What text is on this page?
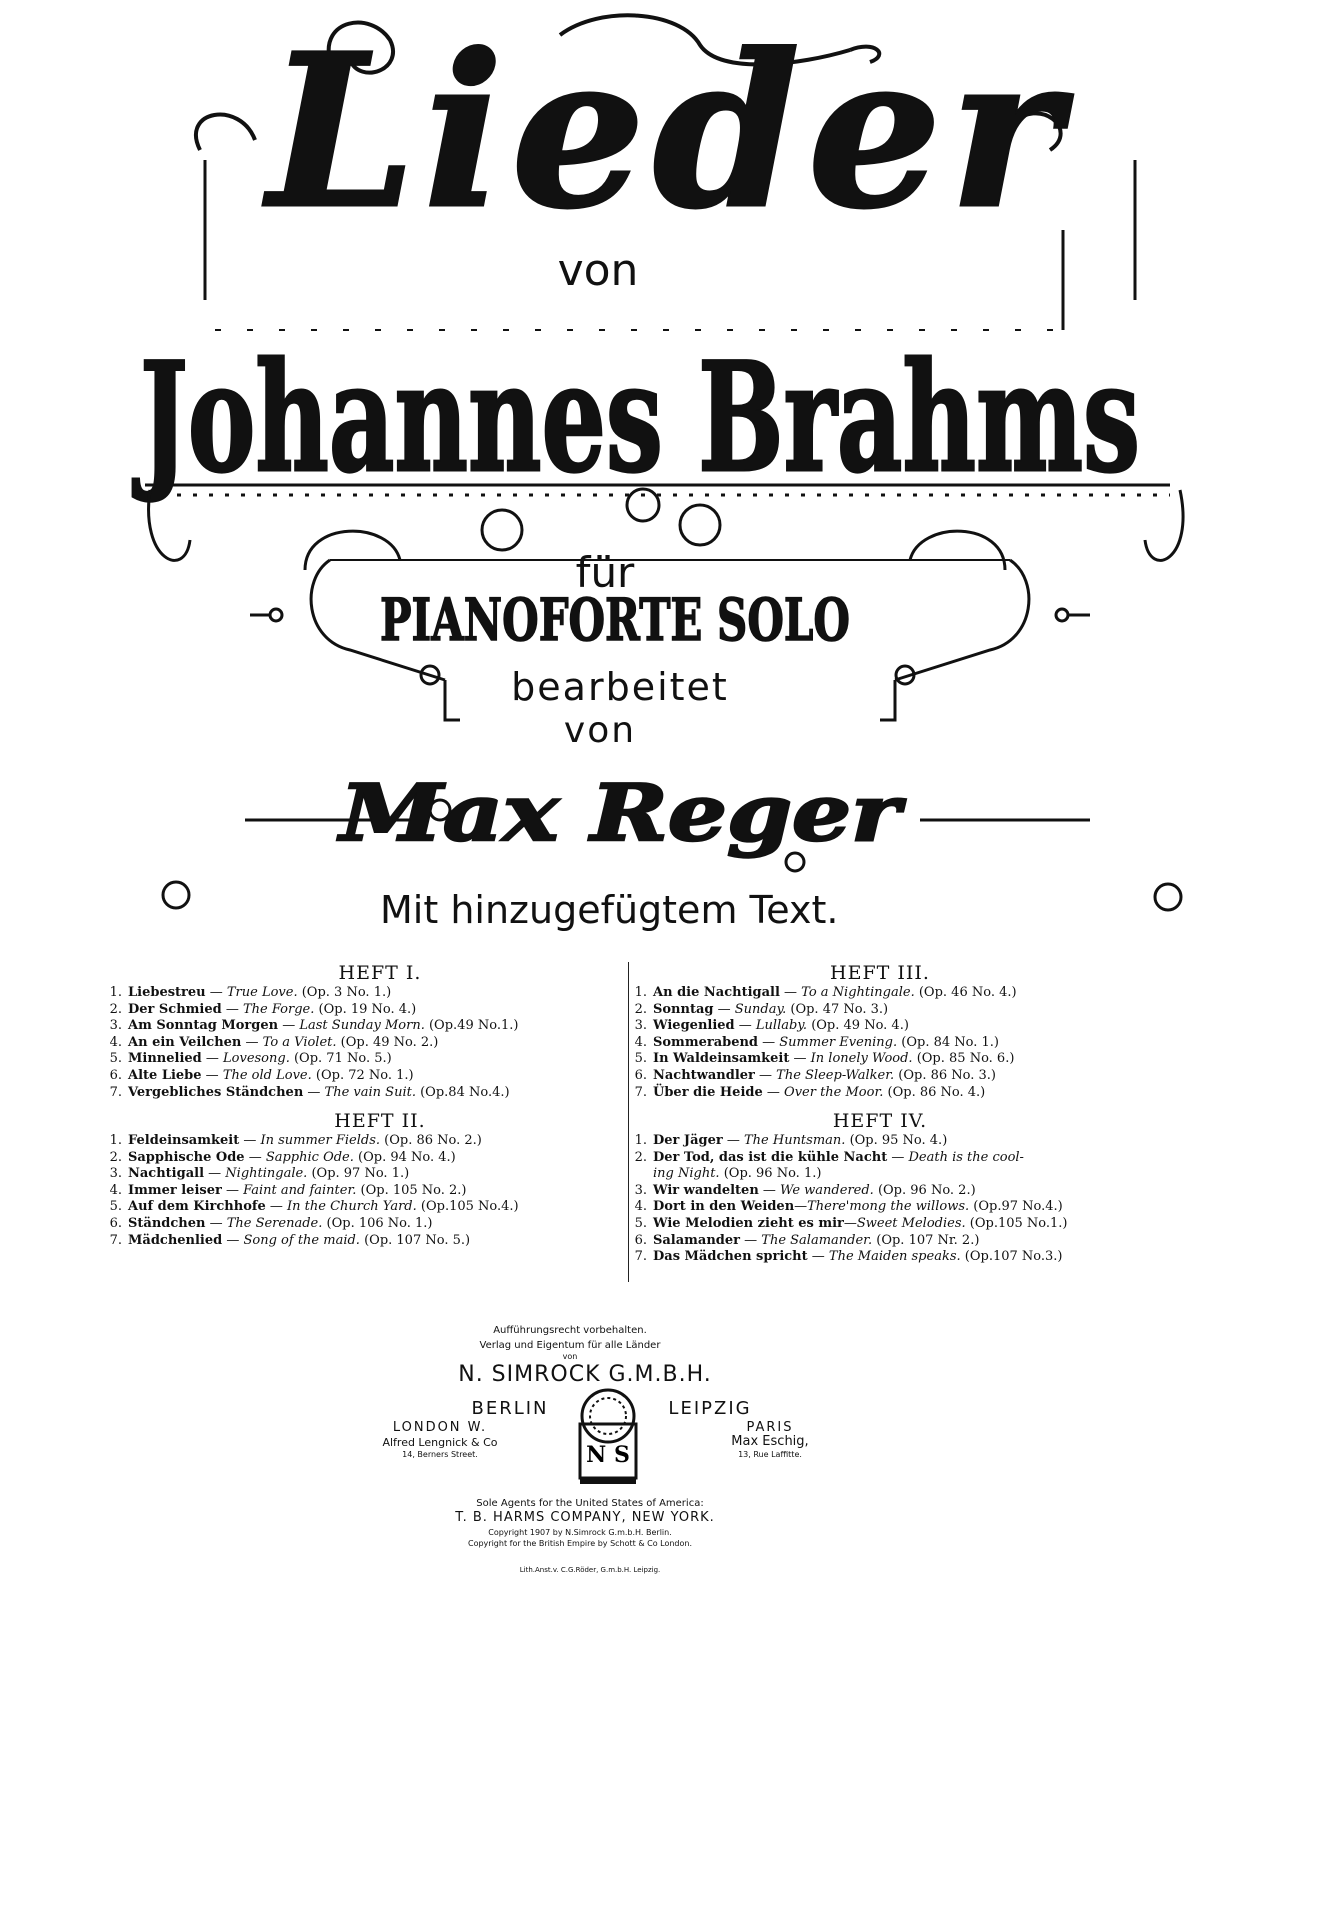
Lieder
Johannes Brahms
PIANOFORTE SOLO
Max Reger
von
für
bearbeitet
von
Mit hinzugefügtem Text.
HEFT I.
1. Liebestreu — True Love. (Op. 3 No. 1.)
2. Der Schmied — The Forge. (Op. 19 No. 4.)
3. Am Sonntag Morgen — Last Sunday Morn. (Op.49 No.1.)
4. An ein Veilchen — To a Violet. (Op. 49 No. 2.)
5. Minnelied — Lovesong. (Op. 71 No. 5.)
6. Alte Liebe — The old Love. (Op. 72 No. 1.)
7. Vergebliches Ständchen — The vain Suit. (Op.84 No.4.)
HEFT II.
1. Feldeinsamkeit — In summer Fields. (Op. 86 No. 2.)
2. Sapphische Ode — Sapphic Ode. (Op. 94 No. 4.)
3. Nachtigall — Nightingale. (Op. 97 No. 1.)
4. Immer leiser — Faint and fainter. (Op. 105 No. 2.)
5. Auf dem Kirchhofe — In the Church Yard. (Op.105 No.4.)
6. Ständchen — The Serenade. (Op. 106 No. 1.)
7. Mädchenlied — Song of the maid. (Op. 107 No. 5.)
HEFT III.
1. An die Nachtigall — To a Nightingale. (Op. 46 No. 4.)
2. Sonntag — Sunday. (Op. 47 No. 3.)
3. Wiegenlied — Lullaby. (Op. 49 No. 4.)
4. Sommerabend — Summer Evening. (Op. 84 No. 1.)
5. In Waldeinsamkeit — In lonely Wood. (Op. 85 No. 6.)
6. Nachtwandler — The Sleep-Walker. (Op. 86 No. 3.)
7. Über die Heide — Over the Moor. (Op. 86 No. 4.)
HEFT IV.
1. Der Jäger — The Huntsman. (Op. 95 No. 4.)
2. Der Tod, das ist die kühle Nacht — Death is the cool-
ing Night. (Op. 96 No. 1.)
3. Wir wandelten — We wandered. (Op. 96 No. 2.)
4. Dort in den Weiden—There'mong the willows. (Op.97 No.4.)
5. Wie Melodien zieht es mir—Sweet Melodies. (Op.105 No.1.)
6. Salamander — The Salamander. (Op. 107 Nr. 2.)
7. Das Mädchen spricht — The Maiden speaks. (Op.107 No.3.)
Aufführungsrecht vorbehalten.
Verlag und Eigentum für alle Länder
von
N. SIMROCK G.M.B.H.
BERLIN	LEIPZIG
N S
LONDON W.
Alfred Lengnick & Co
14, Berners Street.
PARIS
Max Eschig,
13, Rue Laffitte.
Sole Agents for the United States of America:
T. B. HARMS COMPANY, NEW YORK.
Copyright 1907 by N.Simrock G.m.b.H. Berlin.
Copyright for the British Empire by Schott & Co London.
Lith.Anst.v. C.G.Röder, G.m.b.H. Leipzig.
